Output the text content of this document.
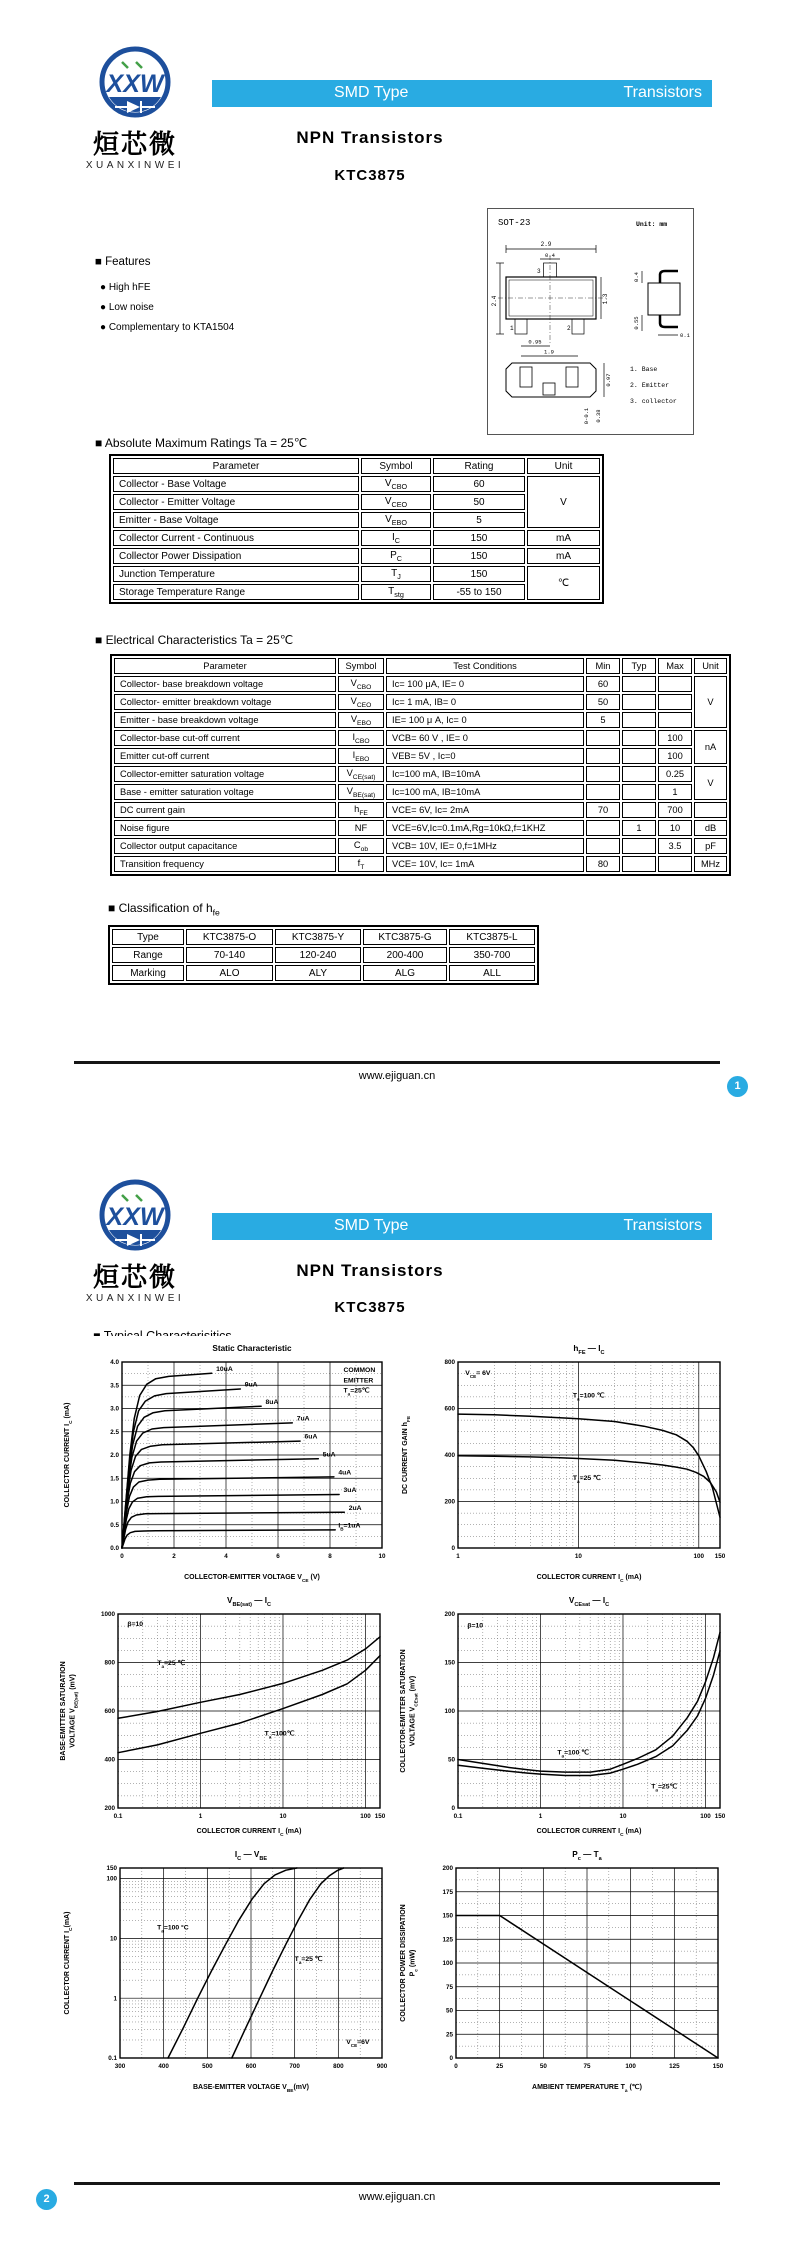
XXW
烜芯微
XUANXINWEI
SMD Type	Transistors
NPN Transistors
KTC3875
■ Features
● High hFE
● Low noise
● Complementary to KTA1504
SOT-23	Unit: mm
2.9
0.4
3
1	2
2.4	1.3
0.95
1.9
0.4
0.55
0.1
0.97
0-0.1 0.38
1. Base
2. Emitter
3. collector
■ Absolute Maximum Ratings Ta = 25℃
Parameter	Symbol	Rating	Unit
Collector - Base Voltage	$V_{CBO}$	60	V
Collector - Emitter Voltage	$V_{CEO}$	50	
Emitter - Base Voltage	$V_{EBO}$	5	
Collector Current - Continuous	$I_C$	150	mA
Collector Power Dissipation	$P_C$	150	mA
Junction Temperature	$T_J$	150	℃
Storage Temperature Range	$T_{stg}$	-55 to 150	
■ Electrical Characteristics Ta = 25℃
Parameter	Symbol	Test Conditions	Min	Typ	Max	Unit
Collector- base breakdown voltage	$V_{CBO}$	Ic= 100 μA, IE= 0	60			V
Collector- emitter breakdown voltage	$V_{CEO}$	Ic= 1 mA, IB= 0	50			
Emitter - base breakdown voltage	$V_{EBO}$	IE= 100 μ A, Ic= 0	5			
Collector-base cut-off current	$I_{CBO}$	VCB= 60 V , IE= 0			100	nA
Emitter cut-off current	$I_{EBO}$	VEB= 5V , Ic=0			100	
Collector-emitter saturation voltage	$V_{CE(sat)}$	Ic=100 mA, IB=10mA			0.25	V
Base - emitter saturation voltage	$V_{BE(sat)}$	Ic=100 mA, IB=10mA			1	
DC current gain	$h_{FE}$	VCE= 6V, Ic= 2mA	70		700	
Noise figure	NF	VCE=6V,Ic=0.1mA,Rg=10kΩ,f=1KHZ		1	10	dB
Collector output capacitance	$C_{ob}$	VCB= 10V, IE= 0,f=1MHz			3.5	pF
Transition frequency	$f_T$	VCE= 10V, Ic= 1mA	80			MHz
■ Classification of $h_{fe}$
Type	KTC3875-O	KTC3875-Y	KTC3875-G	KTC3875-L
Range	70-140	120-240	200-400	350-700
Marking	ALO	ALY	ALG	ALL
www.ejiguan.cn
1
XXW
烜芯微
XUANXINWEI
SMD Type	Transistors
NPN Transistors
KTC3875
0	2	4	6	8	10
0.0
0.5
1.0
1.5
2.0
2.5
3.0
3.5
4.0
COMMON
EMITTER
$T_a=25℃$
10uA
9uA
8uA
7uA
6uA
5uA
4uA
3uA
2uA
$I_B=1uA$
Static Characteristic
COLLECTOR-EMITTER VOLTAGE $V_{CE}$ (V)
COLLECTOR CURRENT $I_C$ (mA)
1	10	100 150
0
200
400
600
800
$V_{CE}= 6V$
$T_a=100$ ℃
$T_a=25$ ℃
$h_{FE}$ — $I_C$
COLLECTOR CURRENT $I_C$ (mA)
DC CURRENT GAIN $h_{FE}$
0.1	1	10	100 150
200
400
600
800
1000
β=10
$T_a=25$ ℃
$T_a=100℃$
$V_{BE(sat)}$ — $I_C$
COLLECTOR CURRENT $I_C$ (mA)
BASE-EMITTER SATURATION VOLTAGE $V_{BE(sat)}$ (mV)
0.1	1	10	100 150
0
50
100
150
200
β=10
$T_a=100$ ℃
$T_a=25℃$
$V_{CEsat}$ — $I_C$
COLLECTOR CURRENT $I_C$ (mA)
COLLECTOR-EMITTER SATURATION VOLTAGE $V_{CEsat}$ (mV)
300	400	500	600	700	800	900
0.1
1
10
100
150
$T_a=100$ °C
$T_a=25$ ℃
$V_{CE}=6V$
$I_C$ — $V_{BE}$
BASE-EMITTER VOLTAGE $V_{BE}(mV)$
COLLECTOR CURRENT $I_C(mA)$
0	25	50	75	100	125	150
0
25
50
75
100
125
150
175
200
$P_c$ — $T_a$
AMBIENT TEMPERATURE $T_a$ (℃)
COLLECTOR POWER DISSIPATION $P_c$ (mW)
www.ejiguan.cn
2
